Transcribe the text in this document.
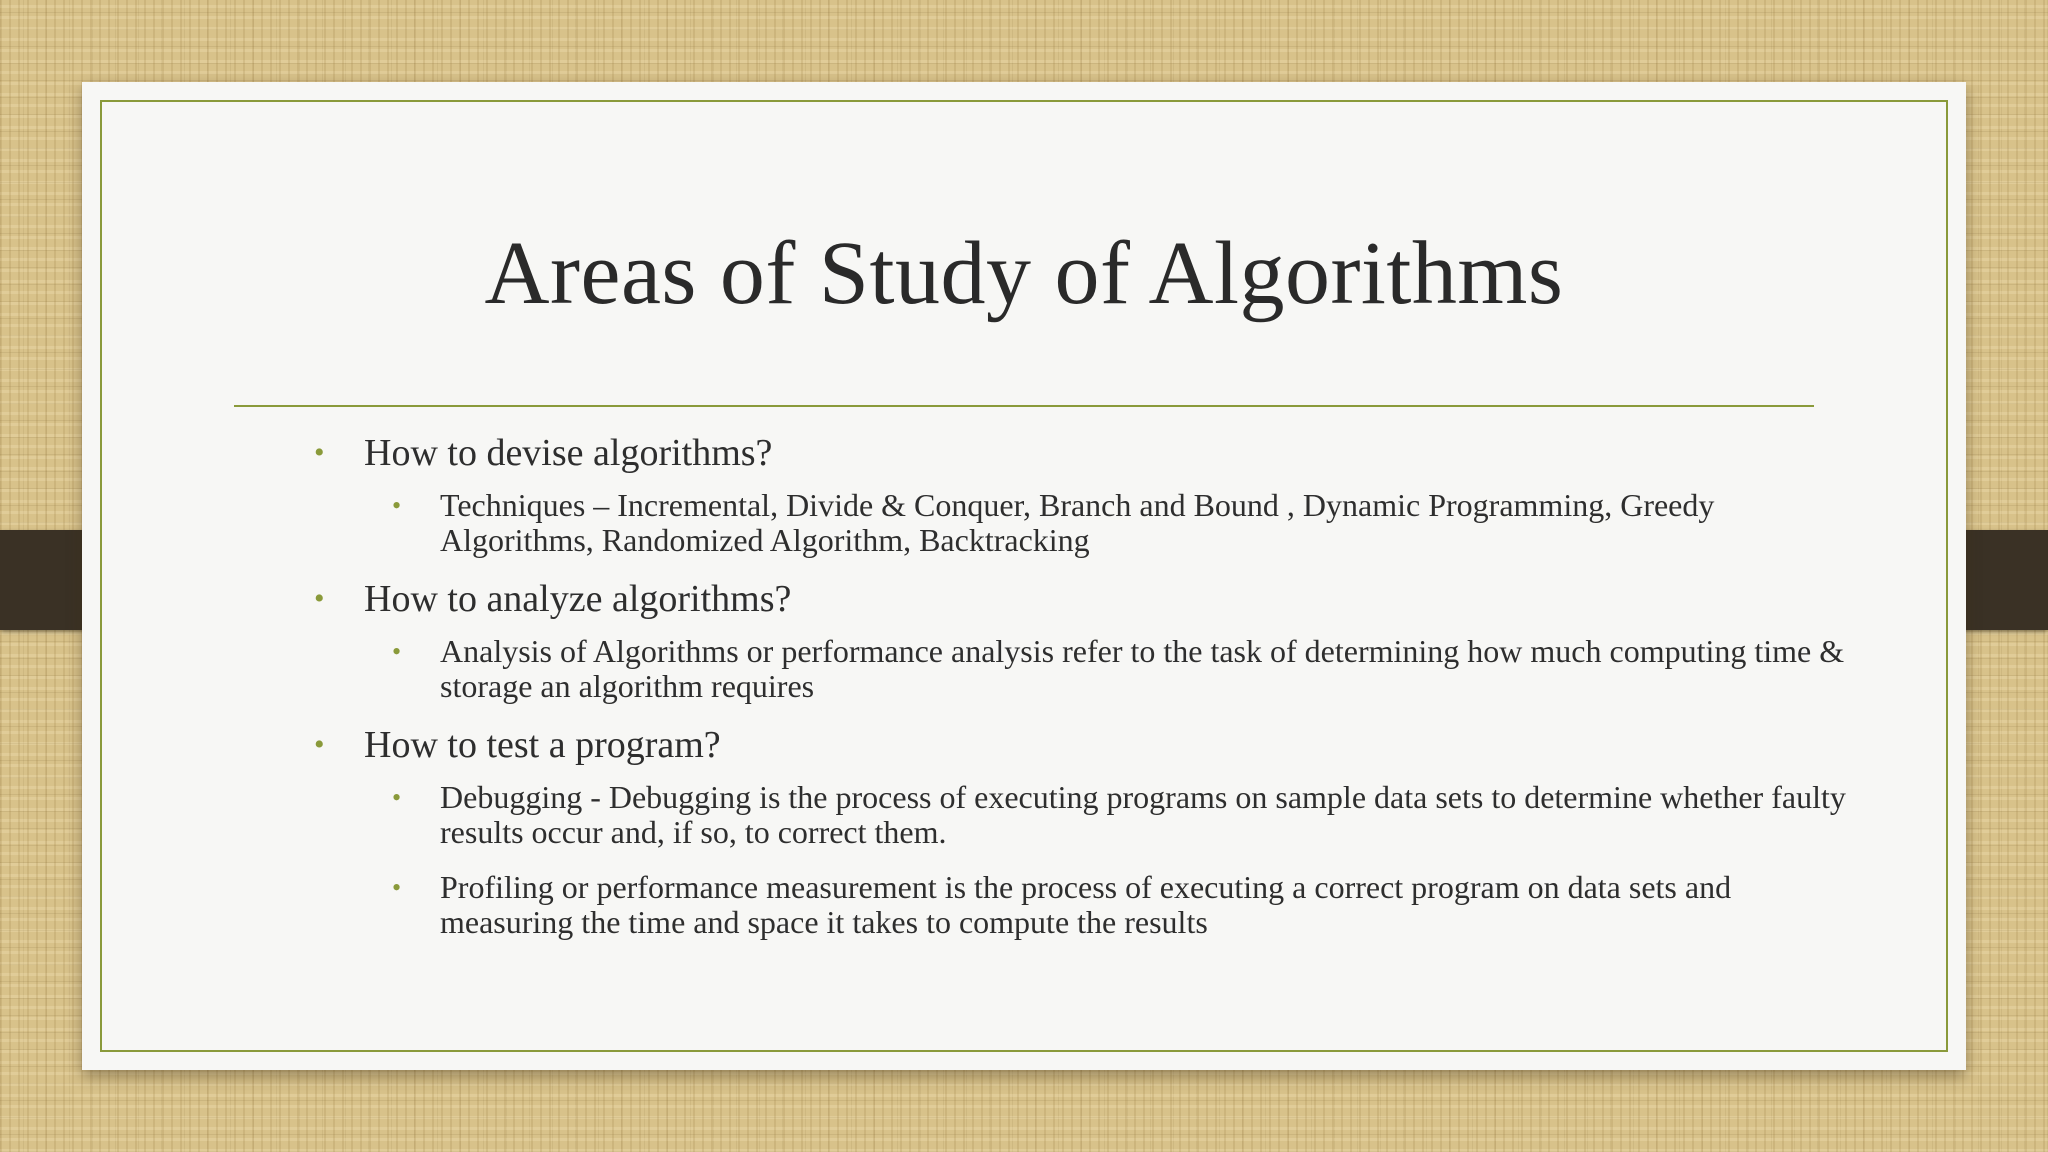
Areas of Study of Algorithms
• How to devise algorithms?
• Techniques – Incremental, Divide & Conquer, Branch and Bound , Dynamic Programming, Greedy Algorithms, Randomized Algorithm, Backtracking
• How to analyze algorithms?
• Analysis of Algorithms or performance analysis refer to the task of determining how much computing time & storage an algorithm requires
• How to test a program?
• Debugging - Debugging is the process of executing programs on sample data sets to determine whether faulty results occur and, if so, to correct them.
• Profiling or performance measurement is the process of executing a correct program on data sets and measuring the time and space it takes to compute the results
